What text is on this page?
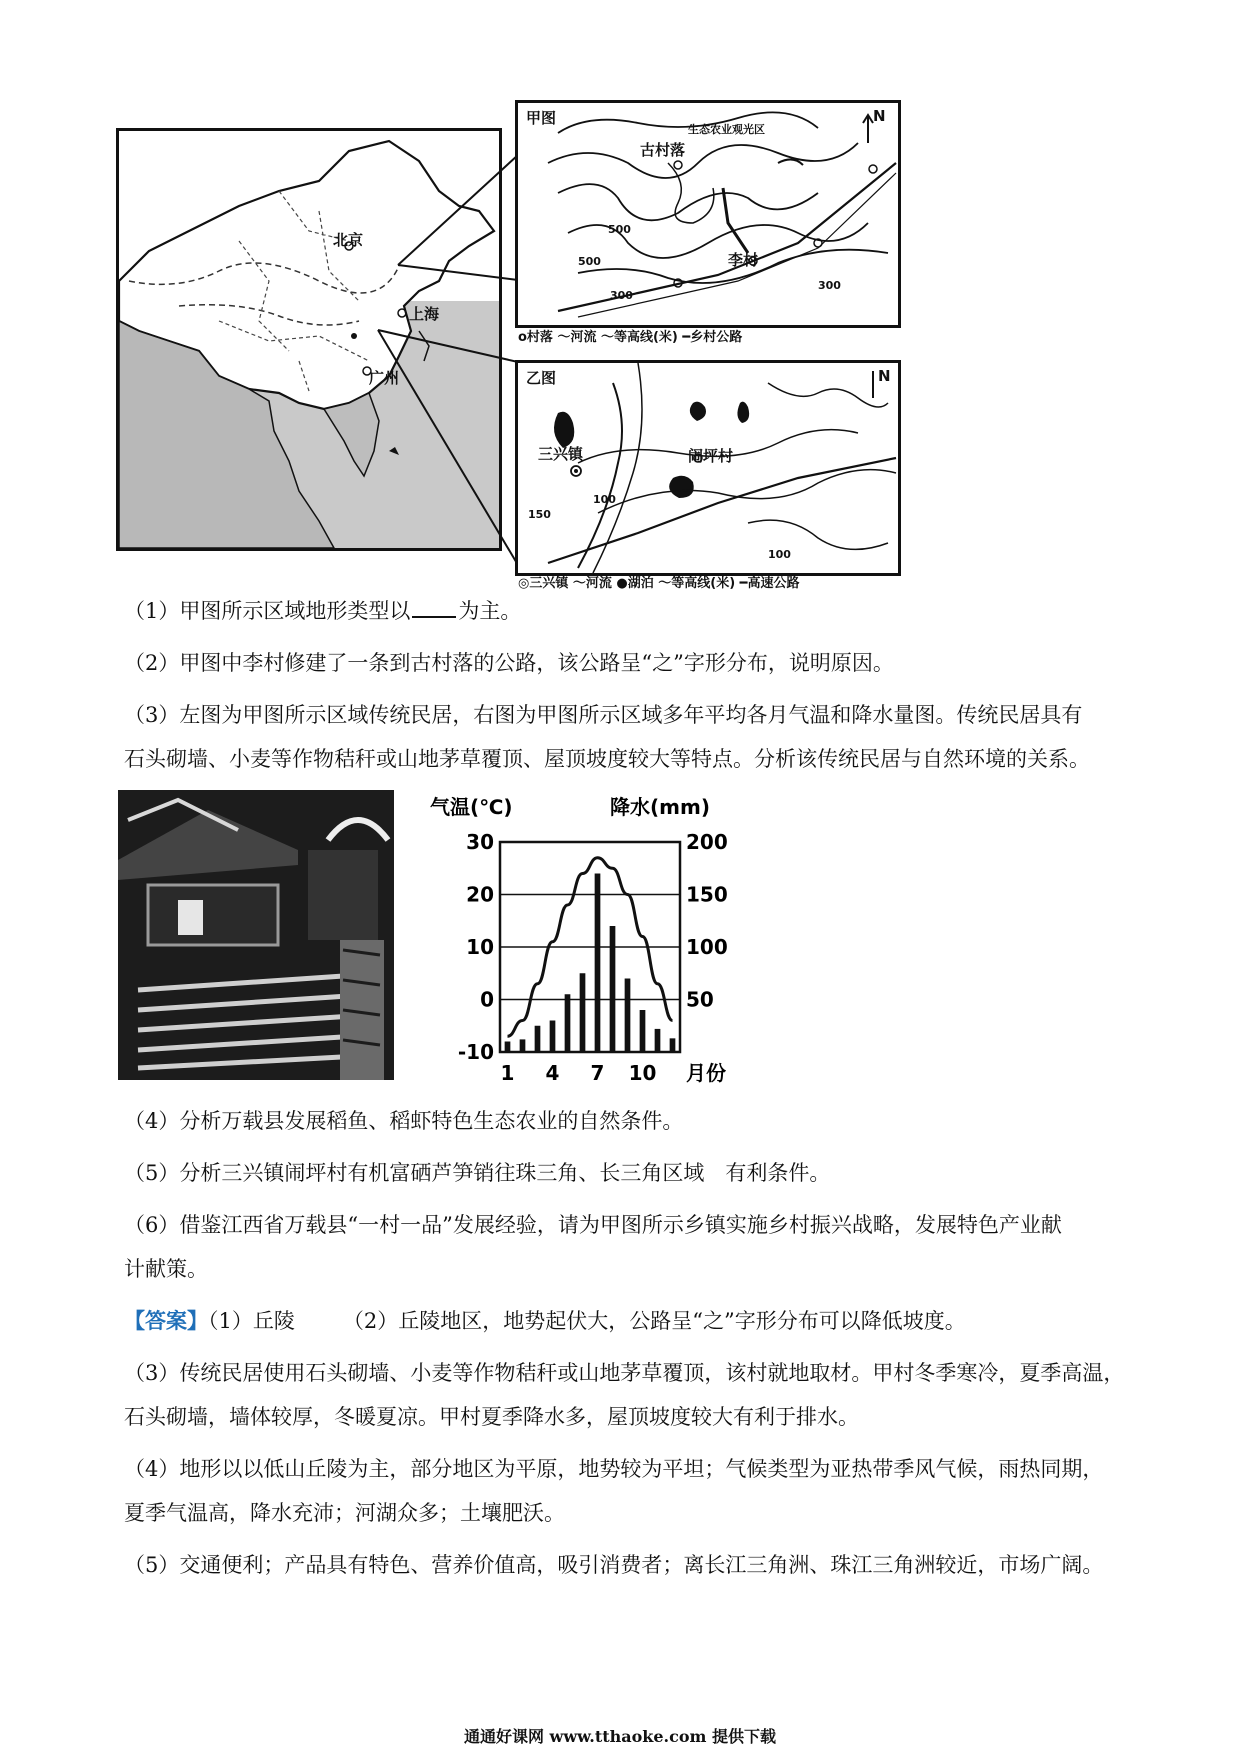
北京
上海
广州
甲图
古村落
生态农业观光区
李村
500
500
300
300
N
o村落 ～河流 ～等高线(米) ━乡村公路
乙图
三兴镇	闹坪村
100
100
150
N
◎三兴镇 ～河流 ●湖泊 ～等高线(米) ━高速公路
（1）甲图所示区域地形类型以 为主。
（2）甲图中李村修建了一条到古村落的公路，该公路呈“之”字形分布，说明原因。
（3）左图为甲图所示区域传统民居，右图为甲图所示区域多年平均各月气温和降水量图。传统民居具有
石头砌墙、小麦等作物秸秆或山地茅草覆顶、屋顶坡度较大等特点。分析该传统民居与自然环境的关系。
气温(℃)	降水(mm)
30
20
10
0
-10
200
150
100
50
1 4 7 10 月份
（4）分析万载县发展稻鱼、稻虾特色生态农业的自然条件。
（5）分析三兴镇闹坪村有机富硒芦笋销往珠三角、长三角区域　有利条件。
（6）借鉴江西省万载县“一村一品”发展经验，请为甲图所示乡镇实施乡村振兴战略，发展特色产业献
计献策。
【答案】（1）丘陵 （2）丘陵地区，地势起伏大，公路呈“之”字形分布可以降低坡度。
（3）传统民居使用石头砌墙、小麦等作物秸秆或山地茅草覆顶，该村就地取材。甲村冬季寒冷，夏季高温，
石头砌墙，墙体较厚，冬暖夏凉。甲村夏季降水多，屋顶坡度较大有利于排水。
（4）地形以以低山丘陵为主，部分地区为平原，地势较为平坦；气候类型为亚热带季风气候，雨热同期，
夏季气温高，降水充沛；河湖众多；土壤肥沃。
（5）交通便利；产品具有特色、营养价值高，吸引消费者；离长江三角洲、珠江三角洲较近，市场广阔。
通通好课网 www.tthaoke.com 提供下载
